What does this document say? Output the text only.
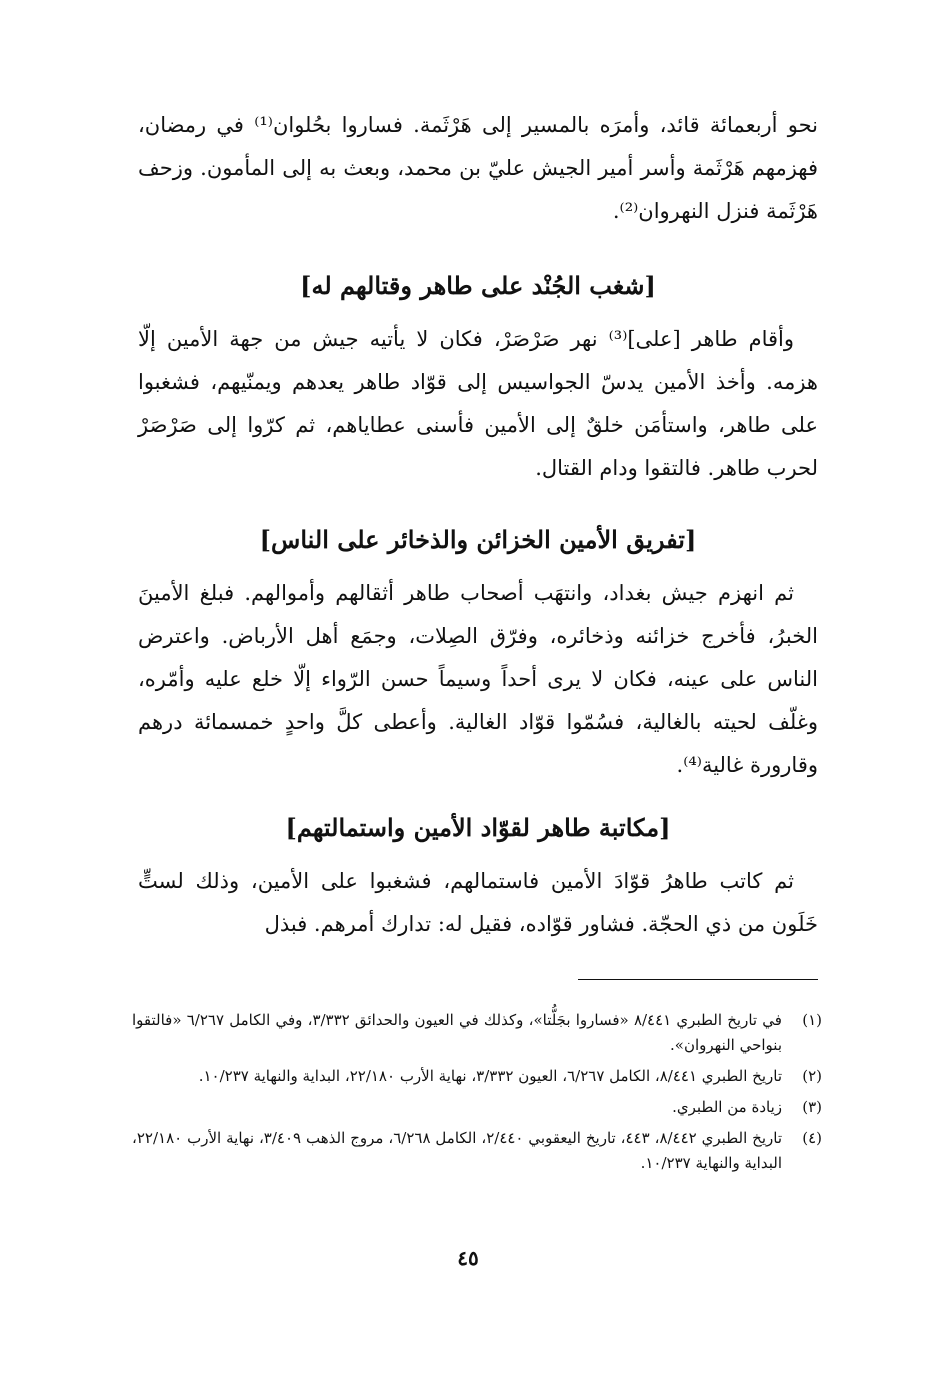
نحو أربعمائة قائد، وأمرَه بالمسير إلى هَرْثَمة. فساروا بحُلوان⁽¹⁾ في رمضان، فهزمهم هَرْثَمة وأسر أمير الجيش عليّ بن محمد، وبعث به إلى المأمون. وزحف هَرْثَمة فنزل النهروان⁽²⁾.

[شغب الجُنْد على طاهر وقتالهم له]

وأقام طاهر [على]⁽³⁾ نهر صَرْصَرْ، فكان لا يأتيه جيش من جهة الأمين إلّا هزمه. وأخذ الأمين يدسّ الجواسيس إلى قوّاد طاهر يعدهم ويمنّيهم، فشغبوا على طاهر، واستأمَن خلقٌ إلى الأمين فأسنى عطاياهم، ثم كرّوا إلى صَرْصَرْ لحرب طاهر. فالتقوا ودام القتال.

[تفريق الأمين الخزائن والذخائر على الناس]

ثم انهزم جيش بغداد، وانتهَب أصحاب طاهر أثقالهم وأموالهم. فبلغ الأمينَ الخبرُ، فأخرج خزائنه وذخائره، وفرّق الصِلات، وجمَع أهل الأرباض. واعترض الناس على عينه، فكان لا يرى أحداً وسيماً حسن الرّواء إلّا خلع عليه وأمّره، وغلّف لحيته بالغالية، فسُمّوا قوّاد الغالية. وأعطى كلَّ واحدٍ خمسمائة درهم وقارورة غالية⁽⁴⁾.

[مكاتبة طاهر لقوّاد الأمين واستمالتهم]

ثم كاتب طاهرُ قوّادَ الأمين فاستمالهم، فشغبوا على الأمين، وذلك لستٍّ خَلَون من ذي الحجّة. فشاور قوّاده، فقيل له: تدارك أمرهم. فبذل

(١)
في تاريخ الطبري ٨/٤٤١ «فساروا بجَلُّتا»، وكذلك في العيون والحدائق ٣/٣٣٢، وفي الكامل ٦/٢٦٧ «فالتقوا بنواحي النهروان».
(٢)
تاريخ الطبري ٨/٤٤١، الكامل ٦/٢٦٧، العيون ٣/٣٣٢، نهاية الأرب ٢٢/١٨٠، البداية والنهاية ١٠/٢٣٧.
(٣)
زيادة من الطبري.
(٤)
تاريخ الطبري ٨/٤٤٢، ٤٤٣، تاريخ اليعقوبي ٢/٤٤٠، الكامل ٦/٢٦٨، مروج الذهب ٣/٤٠٩، نهاية الأرب ٢٢/١٨٠، البداية والنهاية ١٠/٢٣٧.
٤٥
